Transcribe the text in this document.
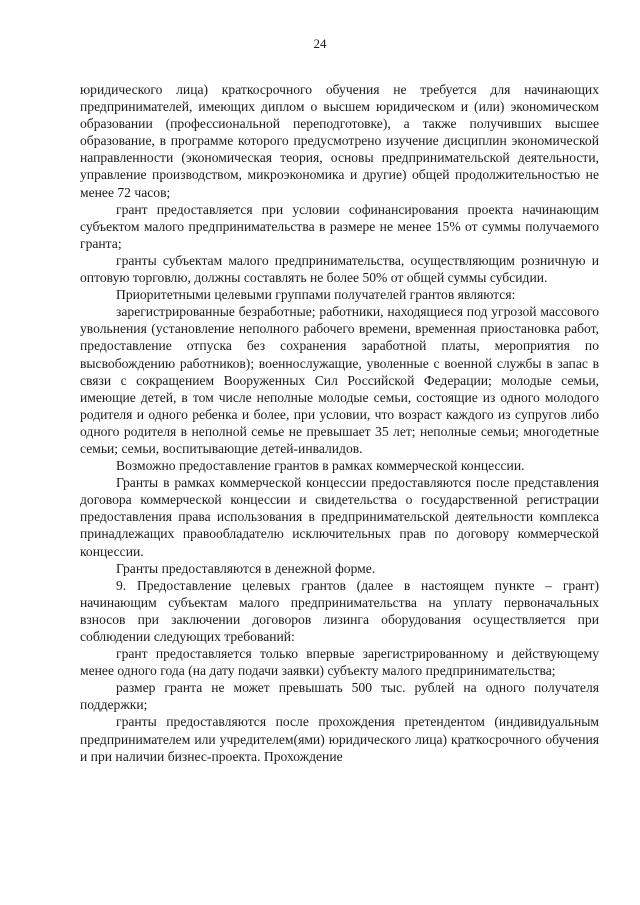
24

юридического лица) краткосрочного обучения не требуется для начинающих предпринимателей, имеющих диплом о высшем юридическом и (или) экономическом образовании (профессиональной переподготовке), а также получивших высшее образование, в программе которого предусмотрено изучение дисциплин экономической направленности (экономическая теория, основы предпринимательской деятельности, управление производством, микроэкономика и другие) общей продолжительностью не менее 72 часов;

грант предоставляется при условии софинансирования проекта начинающим субъектом малого предпринимательства в размере не менее 15% от суммы получаемого гранта;

гранты субъектам малого предпринимательства, осуществляющим розничную и оптовую торговлю, должны составлять не более 50% от общей суммы субсидии.

Приоритетными целевыми группами получателей грантов являются:

зарегистрированные безработные; работники, находящиеся под угрозой массового увольнения (установление неполного рабочего времени, временная приостановка работ, предоставление отпуска без сохранения заработной платы, мероприятия по высвобождению работников); военнослужащие, уволенные с военной службы в запас в связи с сокращением Вооруженных Сил Российской Федерации; молодые семьи, имеющие детей, в том числе неполные молодые семьи, состоящие из одного молодого родителя и одного ребенка и более, при условии, что возраст каждого из супругов либо одного родителя в неполной семье не превышает 35 лет; неполные семьи; многодетные семьи; семьи, воспитывающие детей-инвалидов.

Возможно предоставление грантов в рамках коммерческой концессии.

Гранты в рамках коммерческой концессии предоставляются после представления договора коммерческой концессии и свидетельства о государственной регистрации предоставления права использования в предпринимательской деятельности комплекса принадлежащих правообладателю исключительных прав по договору коммерческой концессии.

Гранты предоставляются в денежной форме.

9. Предоставление целевых грантов (далее в настоящем пункте – грант) начинающим субъектам малого предпринимательства на уплату первоначальных взносов при заключении договоров лизинга оборудования осуществляется при соблюдении следующих требований:

грант предоставляется только впервые зарегистрированному и действующему менее одного года (на дату подачи заявки) субъекту малого предпринимательства;

размер гранта не может превышать 500 тыс. рублей на одного получателя поддержки;

гранты предоставляются после прохождения претендентом (индивидуальным предпринимателем или учредителем(ями) юридического лица) краткосрочного обучения и при наличии бизнес-проекта. Прохождение
